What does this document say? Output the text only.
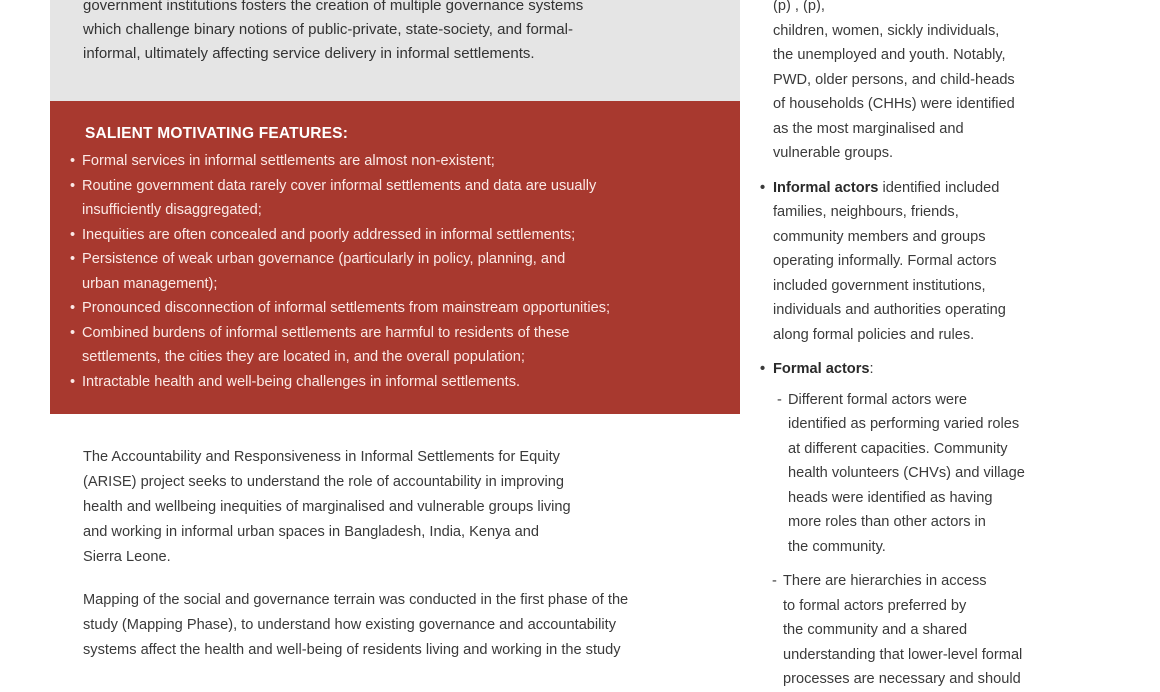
government institutions fosters the creation of multiple governance systems
which challenge binary notions of public-private, state-society, and formal-
informal, ultimately affecting service delivery in informal settlements.
SALIENT MOTIVATING FEATURES:
• Formal services in informal settlements are almost non-existent;
• Routine government data rarely cover informal settlements and data are usually
insufficiently disaggregated;
• Inequities are often concealed and poorly addressed in informal settlements;
• Persistence of weak urban governance (particularly in policy, planning, and
urban management);
• Pronounced disconnection of informal settlements from mainstream opportunities;
• Combined burdens of informal settlements are harmful to residents of these
settlements, the cities they are located in, and the overall population;
• Intractable health and well-being challenges in informal settlements.
The Accountability and Responsiveness in Informal Settlements for Equity
(ARISE) project seeks to understand the role of accountability in improving
health and wellbeing inequities of marginalised and vulnerable groups living
and working in informal urban spaces in Bangladesh, India, Kenya and
Sierra Leone.
Mapping of the social and governance terrain was conducted in the first phase of the
study (Mapping Phase), to understand how existing governance and accountability
systems affect the health and well-being of residents living and working in the study
(p) , (p),
children, women, sickly individuals,
the unemployed and youth. Notably,
PWD, older persons, and child-heads
of households (CHHs) were identified
as the most marginalised and
vulnerable groups.
• Informal actors identified included
families, neighbours, friends,
community members and groups
operating informally. Formal actors
included government institutions,
individuals and authorities operating
along formal policies and rules.
• Formal actors:
- Different formal actors were
identified as performing varied roles
at different capacities. Community
health volunteers (CHVs) and village
heads were identified as having
more roles than other actors in
the community.
- There are hierarchies in access
to formal actors preferred by
the community and a shared
understanding that lower-level formal
processes are necessary and should
